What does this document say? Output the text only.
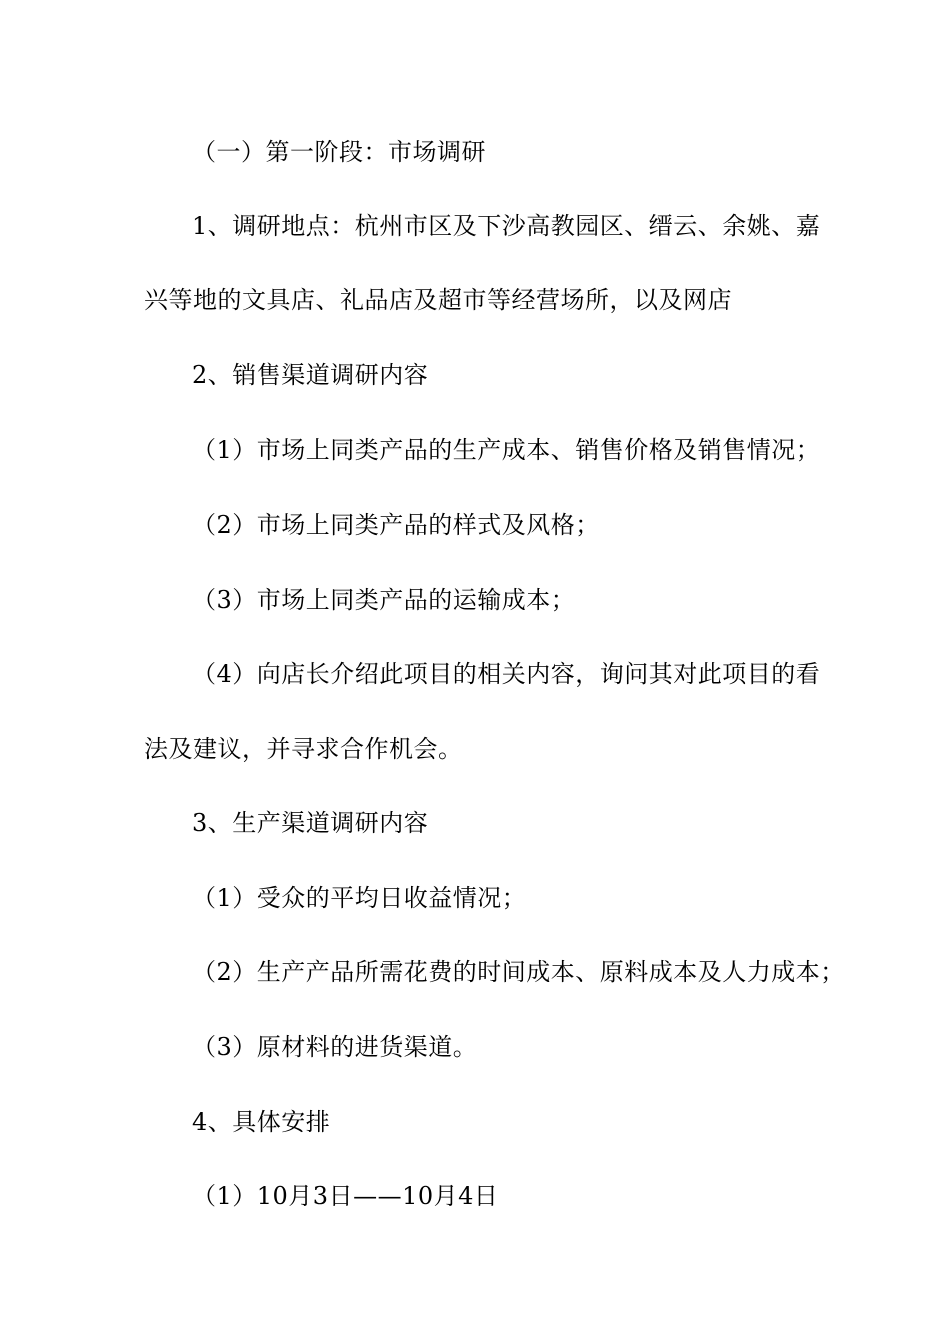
（一）第一阶段：市场调研
1、调研地点：杭州市区及下沙高教园区、缙云、余姚、嘉
兴等地的文具店、礼品店及超市等经营场所，以及网店
2、销售渠道调研内容
（1）市场上同类产品的生产成本、销售价格及销售情况；
（2）市场上同类产品的样式及风格；
（3）市场上同类产品的运输成本；
（4）向店长介绍此项目的相关内容，询问其对此项目的看
法及建议，并寻求合作机会。
3、生产渠道调研内容
（1）受众的平均日收益情况；
（2）生产产品所需花费的时间成本、原料成本及人力成本；
（3）原材料的进货渠道。
4、具体安排
（1）10月3日——10月4日
